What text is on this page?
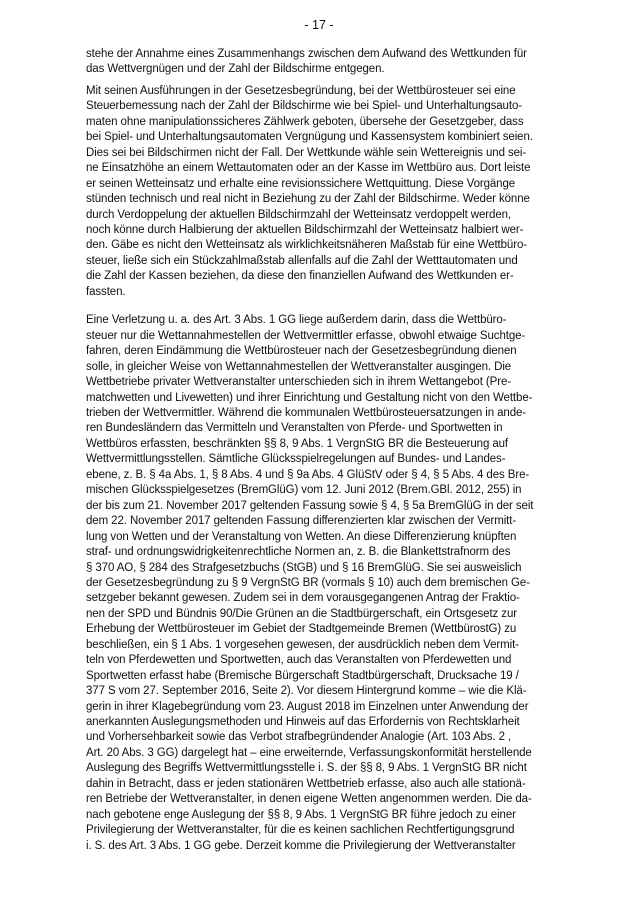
- 17 -
stehe der Annahme eines Zusammenhangs zwischen dem Aufwand des Wettkunden für
das Wettvergnügen und der Zahl der Bildschirme entgegen.
Mit seinen Ausführungen in der Gesetzesbegründung, bei der Wettbürosteuer sei eine
Steuerbemessung nach der Zahl der Bildschirme wie bei Spiel- und Unterhaltungsauto-
maten ohne manipulationssicheres Zählwerk geboten, übersehe der Gesetzgeber, dass
bei Spiel- und Unterhaltungsautomaten Vergnügung und Kassensystem kombiniert seien.
Dies sei bei Bildschirmen nicht der Fall. Der Wettkunde wähle sein Wettereignis und sei-
ne Einsatzhöhe an einem Wettautomaten oder an der Kasse im Wettbüro aus. Dort leiste
er seinen Wetteinsatz und erhalte eine revisionssichere Wettquittung. Diese Vorgänge
stünden technisch und real nicht in Beziehung zu der Zahl der Bildschirme. Weder könne
durch Verdoppelung der aktuellen Bildschirmzahl der Wetteinsatz verdoppelt werden,
noch könne durch Halbierung der aktuellen Bildschirmzahl der Wetteinsatz halbiert wer-
den. Gäbe es nicht den Wetteinsatz als wirklichkeitsnäheren Maßstab für eine Wettbüro-
steuer, ließe sich ein Stückzahlmaßstab allenfalls auf die Zahl der Wetttautomaten und
die Zahl der Kassen beziehen, da diese den finanziellen Aufwand des Wettkunden er-
fassten.
Eine Verletzung u. a. des Art. 3 Abs. 1 GG liege außerdem darin, dass die Wettbüro-
steuer nur die Wettannahmestellen der Wettvermittler erfasse, obwohl etwaige Suchtge-
fahren, deren Eindämmung die Wettbürosteuer nach der Gesetzesbegründung dienen
solle, in gleicher Weise von Wettannahmestellen der Wettveranstalter ausgingen. Die
Wettbetriebe privater Wettveranstalter unterschieden sich in ihrem Wettangebot (Pre-
matchwetten und Livewetten) und ihrer Einrichtung und Gestaltung nicht von den Wettbe-
trieben der Wettvermittler. Während die kommunalen Wettbürosteuersatzungen in ande-
ren Bundesländern das Vermitteln und Veranstalten von Pferde- und Sportwetten in
Wettbüros erfassten, beschränkten §§ 8, 9 Abs. 1 VergnStG BR die Besteuerung auf
Wettvermittlungsstellen. Sämtliche Glücksspielregelungen auf Bundes- und Landes-
ebene, z. B. § 4a Abs. 1, § 8 Abs. 4 und § 9a Abs. 4 GlüStV oder § 4, § 5 Abs. 4 des Bre-
mischen Glücksspielgesetzes (BremGlüG) vom 12. Juni 2012 (Brem.GBl. 2012, 255) in
der bis zum 21. November 2017 geltenden Fassung sowie § 4, § 5a BremGlüG in der seit
dem 22. November 2017 geltenden Fassung differenzierten klar zwischen der Vermitt-
lung von Wetten und der Veranstaltung von Wetten. An diese Differenzierung knüpften
straf- und ordnungswidrigkeitenrechtliche Normen an, z. B. die Blankettstrafnorm des
§ 370 AO, § 284 des Strafgesetzbuchs (StGB) und § 16 BremGlüG. Sie sei ausweislich
der Gesetzesbegründung zu § 9 VergnStG BR (vormals § 10) auch dem bremischen Ge-
setzgeber bekannt gewesen. Zudem sei in dem vorausgegangenen Antrag der Fraktio-
nen der SPD und Bündnis 90/Die Grünen an die Stadtbürgerschaft, ein Ortsgesetz zur
Erhebung der Wettbürosteuer im Gebiet der Stadtgemeinde Bremen (WettbürostG) zu
beschließen, ein § 1 Abs. 1 vorgesehen gewesen, der ausdrücklich neben dem Vermit-
teln von Pferdewetten und Sportwetten, auch das Veranstalten von Pferdewetten und
Sportwetten erfasst habe (Bremische Bürgerschaft Stadtbürgerschaft, Drucksache 19 /
377 S vom 27. September 2016, Seite 2). Vor diesem Hintergrund komme – wie die Klä-
gerin in ihrer Klagebegründung vom 23. August 2018 im Einzelnen unter Anwendung der
anerkannten Auslegungsmethoden und Hinweis auf das Erfordernis von Rechtsklarheit
und Vorhersehbarkeit sowie das Verbot strafbegründender Analogie (Art. 103 Abs. 2 ,
Art. 20 Abs. 3 GG) dargelegt hat – eine erweiternde, Verfassungskonformität herstellende
Auslegung des Begriffs Wettvermittlungsstelle i. S. der §§ 8, 9 Abs. 1 VergnStG BR nicht
dahin in Betracht, dass er jeden stationären Wettbetrieb erfasse, also auch alle stationä-
ren Betriebe der Wettveranstalter, in denen eigene Wetten angenommen werden. Die da-
nach gebotene enge Auslegung der §§ 8, 9 Abs. 1 VergnStG BR führe jedoch zu einer
Privilegierung der Wettveranstalter, für die es keinen sachlichen Rechtfertigungsgrund
i. S. des Art. 3 Abs. 1 GG gebe. Derzeit komme die Privilegierung der Wettveranstalter
